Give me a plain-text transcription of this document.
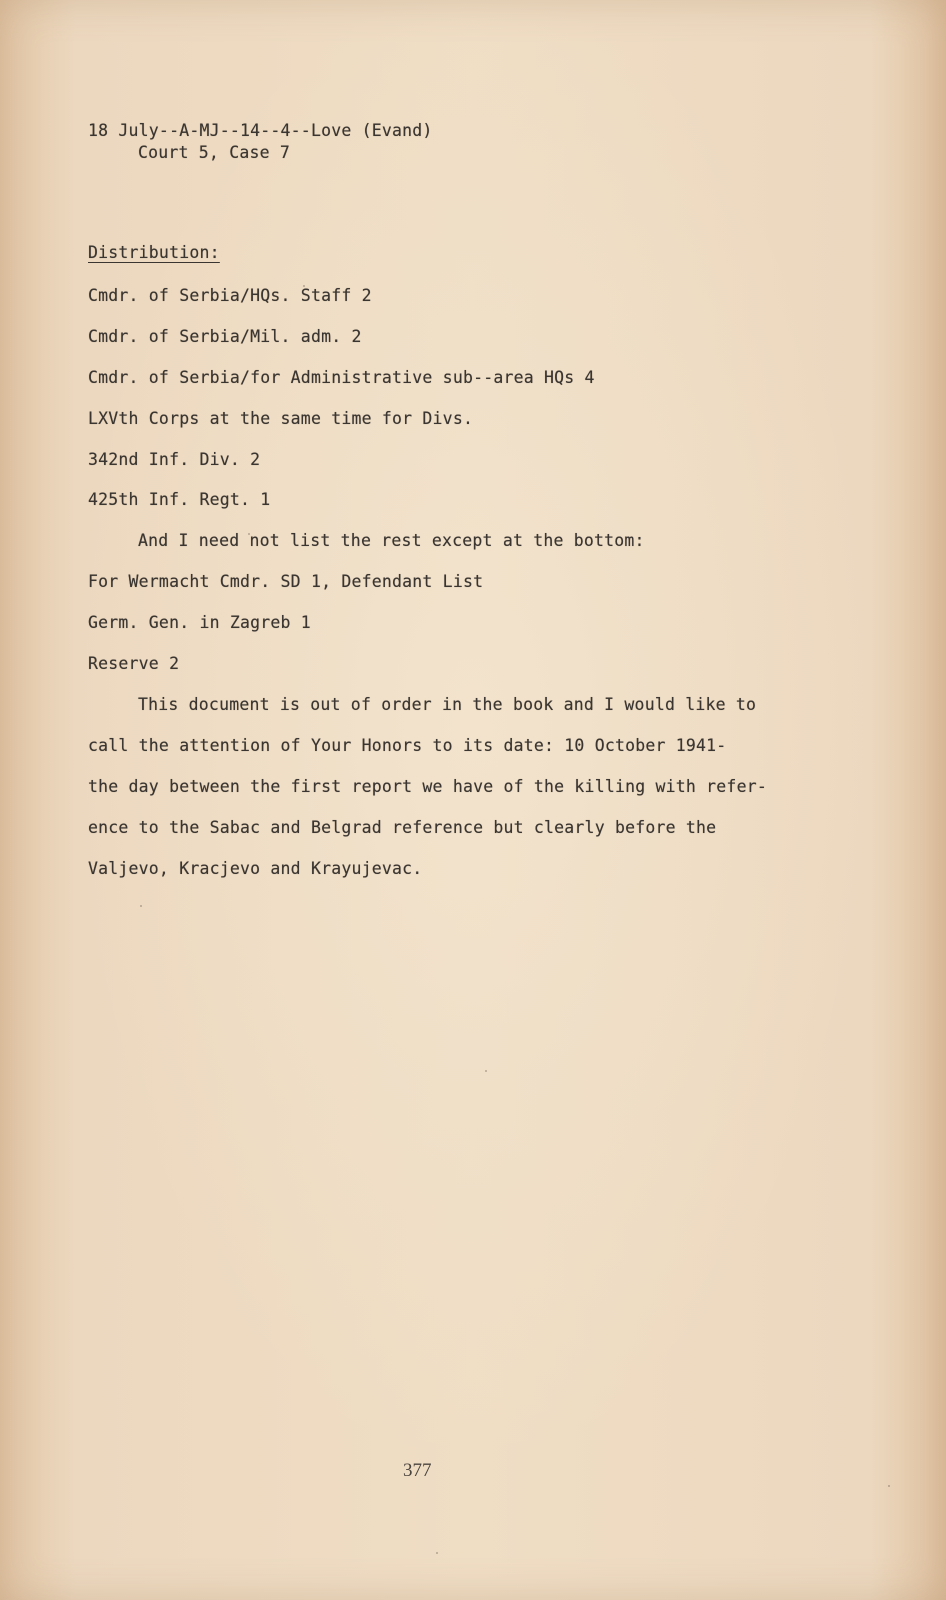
18 July--A-MJ--14--4--Love (Evand)
Court 5, Case 7
Distribution:
Cmdr. of Serbia/HQs. Staff 2
Cmdr. of Serbia/Mil. adm. 2
Cmdr. of Serbia/for Administrative sub--area HQs 4
LXVth Corps at the same time for Divs.
342nd Inf. Div. 2
425th Inf. Regt. 1
And I need not list the rest except at the bottom:
For Wermacht Cmdr. SD 1, Defendant List
Germ. Gen. in Zagreb 1
Reserve 2
This document is out of order in the book and I would like to
call the attention of Your Honors to its date: 10 October 1941-
the day between the first report we have of the killing with refer-
ence to the Sabac and Belgrad reference but clearly before the
Valjevo, Kracjevo and Krayujevac.
377
